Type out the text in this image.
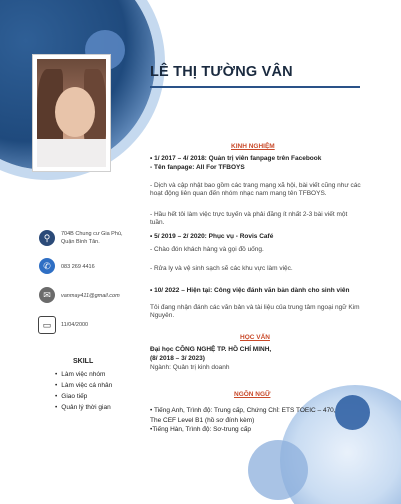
LÊ THỊ TƯỜNG VÂN
⚲	704B Chung cư Gia Phú, Quận Bình Tân.
✆	083 269 4416
✉	vanmay411@gmail.com
▭	11/04/2000
SKILL
• Làm việc nhóm
• Làm việc cá nhân
• Giao tiếp
• Quản lý thời gian
KINH NGHIỆM
• 1/ 2017 – 4/ 2018: Quản trị viên fanpage trên Facebook
- Tên fanpage: All For TFBOYS
- Dịch và cập nhật bao gồm các trang mạng xã hội, bài viết cũng như các hoạt động liên quan đến nhóm nhạc nam mang tên TFBOYS.
- Hầu hết tôi làm việc trực tuyến và phải đăng ít nhất 2-3 bài viết một tuần.
• 5/ 2019 – 2/ 2020: Phục vụ - Rovis Café
- Chào đón khách hàng và gọi đồ uống.
- Rửa ly và vệ sinh sạch sẽ các khu vực làm việc.
• 10/ 2022 – Hiện tại: Công việc đánh văn bản dành cho sinh viên
Tôi đang nhận đánh các văn bản và tài liệu của trung tâm ngoại ngữ Kim Nguyên.
HỌC VẤN
Đại học CÔNG NGHỆ TP. HỒ CHÍ MINH,
(8/ 2018 – 3/ 2023)
Ngành: Quản trị kinh doanh
NGÔN NGỮ
• Tiếng Anh, Trình độ: Trung cấp, Chứng Chỉ: ETS TOEIC – 470,
The CEF Level B1 (hồ sơ đính kèm)
•Tiếng Hàn, Trình độ: Sơ-trung cấp
